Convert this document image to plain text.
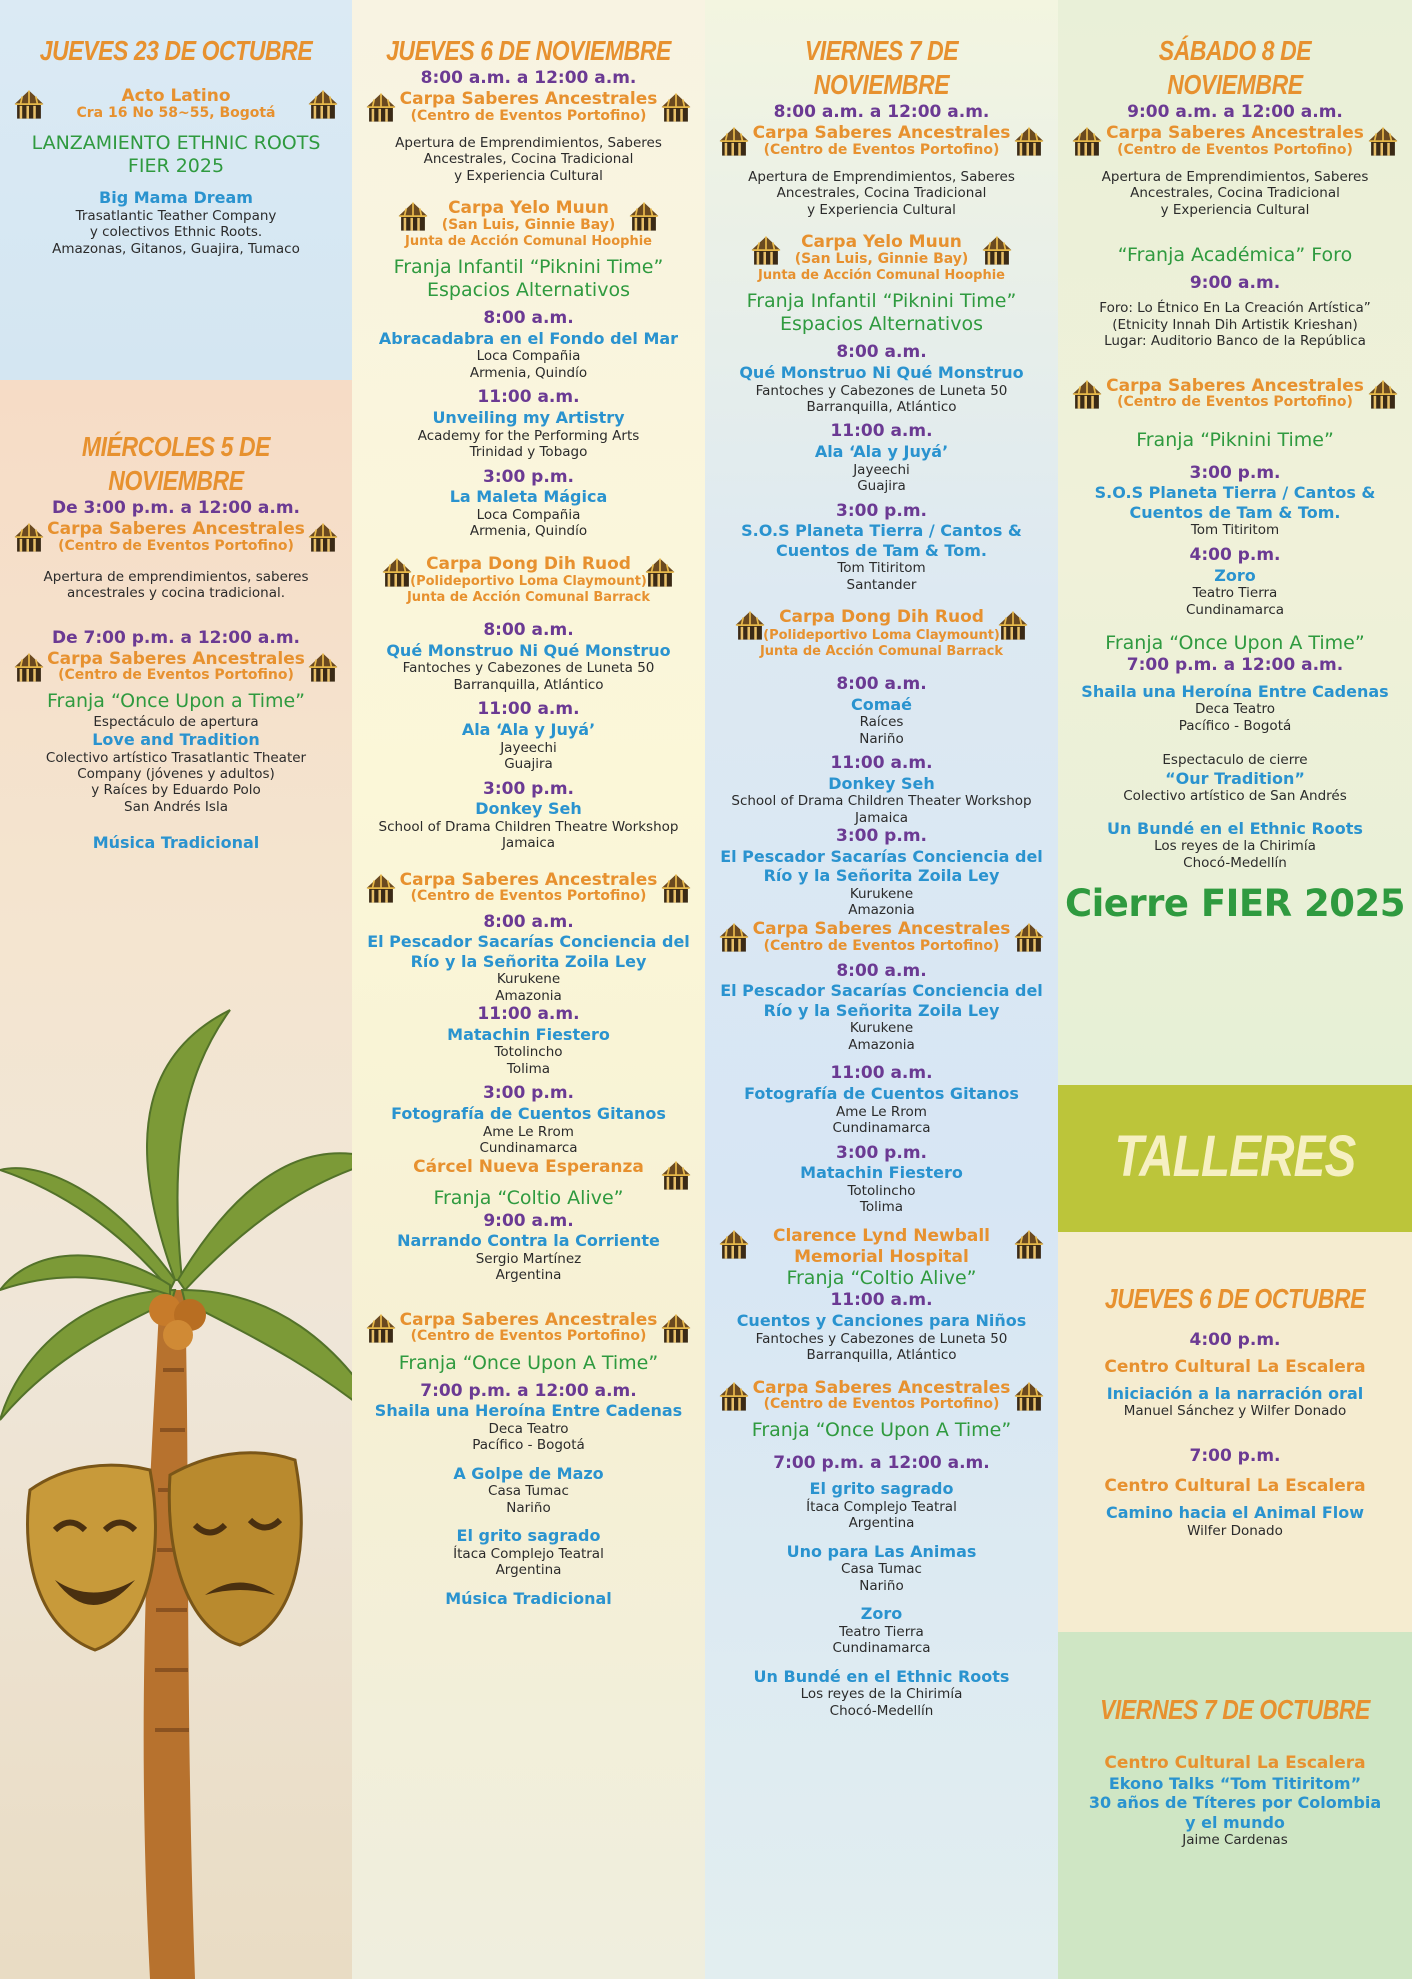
JUEVES 23 DE OCTUBRE
Acto Latino
Cra 16 No 58~55, Bogotá
LANZAMIENTO ETHNIC ROOTS
FIER 2025
Big Mama Dream
Trasatlantic Teather Company
y colectivos Ethnic Roots.
Amazonas, Gitanos, Guajira, Tumaco
MIÉRCOLES 5 DE NOVIEMBRE
De 3:00 p.m. a 12:00 a.m.
Carpa Saberes Ancestrales
(Centro de Eventos Portofino)
Apertura de emprendimientos, saberes
ancestrales y cocina tradicional.
De 7:00 p.m. a 12:00 a.m.
Carpa Saberes Ancestrales
(Centro de Eventos Portofino)
Franja “Once Upon a Time”
Espectáculo de apertura
Love and Tradition
Colectivo artístico Trasatlantic Theater
Company (jóvenes y adultos)
y Raíces by Eduardo Polo
San Andrés Isla
Música Tradicional
JUEVES 6 DE NOVIEMBRE
8:00 a.m. a 12:00 a.m.
Carpa Saberes Ancestrales
(Centro de Eventos Portofino)
Apertura de Emprendimientos, Saberes
Ancestrales, Cocina Tradicional
y Experiencia Cultural
Carpa Yelo Muun
(San Luis, Ginnie Bay)
Junta de Acción Comunal Hoophie
Franja Infantil “Piknini Time”
Espacios Alternativos
8:00 a.m.
Abracadabra en el Fondo del Mar
Loca Compañia
Armenia, Quindío
11:00 a.m.
Unveiling my Artistry
Academy for the Performing Arts
Trinidad y Tobago
3:00 p.m.
La Maleta Mágica
Loca Compañia
Armenia, Quindío
Carpa Dong Dih Ruod
(Polideportivo Loma Claymount)
Junta de Acción Comunal Barrack
8:00 a.m.
Qué Monstruo Ni Qué Monstruo
Fantoches y Cabezones de Luneta 50
Barranquilla, Atlántico
11:00 a.m.
Ala ‘Ala y Juyá’
Jayeechi
Guajira
3:00 p.m.
Donkey Seh
School of Drama Children Theatre Workshop
Jamaica
Carpa Saberes Ancestrales
(Centro de Eventos Portofino)
8:00 a.m.
El Pescador Sacarías Conciencia del
Río y la Señorita Zoila Ley
Kurukene
Amazonia
11:00 a.m.
Matachin Fiestero
Totolincho
Tolima
3:00 p.m.
Fotografía de Cuentos Gitanos
Ame Le Rrom
Cundinamarca
Cárcel Nueva Esperanza
Franja “Coltio Alive”
9:00 a.m.
Narrando Contra la Corriente
Sergio Martínez
Argentina
Carpa Saberes Ancestrales
(Centro de Eventos Portofino)
Franja “Once Upon A Time”
7:00 p.m. a 12:00 a.m.
Shaila una Heroína Entre Cadenas
Deca Teatro
Pacífico - Bogotá
A Golpe de Mazo
Casa Tumac
Nariño
El grito sagrado
Ítaca Complejo Teatral
Argentina
Música Tradicional
VIERNES 7 DE NOVIEMBRE
8:00 a.m. a 12:00 a.m.
Carpa Saberes Ancestrales
(Centro de Eventos Portofino)
Apertura de Emprendimientos, Saberes
Ancestrales, Cocina Tradicional
y Experiencia Cultural
Carpa Yelo Muun
(San Luis, Ginnie Bay)
Junta de Acción Comunal Hoophie
Franja Infantil “Piknini Time”
Espacios Alternativos
8:00 a.m.
Qué Monstruo Ni Qué Monstruo
Fantoches y Cabezones de Luneta 50
Barranquilla, Atlántico
11:00 a.m.
Ala ‘Ala y Juyá’
Jayeechi
Guajira
3:00 p.m.
S.O.S Planeta Tierra / Cantos &
Cuentos de Tam & Tom.
Tom Titiritom
Santander
Carpa Dong Dih Ruod
(Polideportivo Loma Claymount)
Junta de Acción Comunal Barrack
8:00 a.m.
Comaé
Raíces
Nariño
11:00 a.m.
Donkey Seh
School of Drama Children Theater Workshop
Jamaica
3:00 p.m.
El Pescador Sacarías Conciencia del
Río y la Señorita Zoila Ley
Kurukene
Amazonia
Carpa Saberes Ancestrales
(Centro de Eventos Portofino)
8:00 a.m.
El Pescador Sacarías Conciencia del
Río y la Señorita Zoila Ley
Kurukene
Amazonia
11:00 a.m.
Fotografía de Cuentos Gitanos
Ame Le Rrom
Cundinamarca
3:00 p.m.
Matachin Fiestero
Totolincho
Tolima
Clarence Lynd Newball
Memorial Hospital
Franja “Coltio Alive”
11:00 a.m.
Cuentos y Canciones para Niños
Fantoches y Cabezones de Luneta 50
Barranquilla, Atlántico
Carpa Saberes Ancestrales
(Centro de Eventos Portofino)
Franja “Once Upon A Time”
7:00 p.m. a 12:00 a.m.
El grito sagrado
Ítaca Complejo Teatral
Argentina
Uno para Las Animas
Casa Tumac
Nariño
Zoro
Teatro Tierra
Cundinamarca
Un Bundé en el Ethnic Roots
Los reyes de la Chirimía
Chocó-Medellín
SÁBADO 8 DE NOVIEMBRE
9:00 a.m. a 12:00 a.m.
Carpa Saberes Ancestrales
(Centro de Eventos Portofino)
Apertura de Emprendimientos, Saberes
Ancestrales, Cocina Tradicional
y Experiencia Cultural
“Franja Académica” Foro
9:00 a.m.
Foro: Lo Étnico En La Creación Artística”
(Etnicity Innah Dih Artistik Krieshan)
Lugar: Auditorio Banco de la República
Carpa Saberes Ancestrales
(Centro de Eventos Portofino)
Franja “Piknini Time”
3:00 p.m.
S.O.S Planeta Tierra / Cantos &
Cuentos de Tam & Tom.
Tom Titiritom
4:00 p.m.
Zoro
Teatro Tierra
Cundinamarca
Franja “Once Upon A Time”
7:00 p.m. a 12:00 a.m.
Shaila una Heroína Entre Cadenas
Deca Teatro
Pacífico - Bogotá
Espectaculo de cierre
“Our Tradition”
Colectivo artístico de San Andrés
Un Bundé en el Ethnic Roots
Los reyes de la Chirimía
Chocó-Medellín
Cierre FIER 2025
TALLERES
JUEVES 6 DE OCTUBRE
4:00 p.m.
Centro Cultural La Escalera
Iniciación a la narración oral
Manuel Sánchez y Wilfer Donado
7:00 p.m.
Centro Cultural La Escalera
Camino hacia el Animal Flow
Wilfer Donado
VIERNES 7 DE OCTUBRE
Centro Cultural La Escalera
Ekono Talks “Tom Titiritom”
30 años de Títeres por Colombia
y el mundo
Jaime Cardenas
